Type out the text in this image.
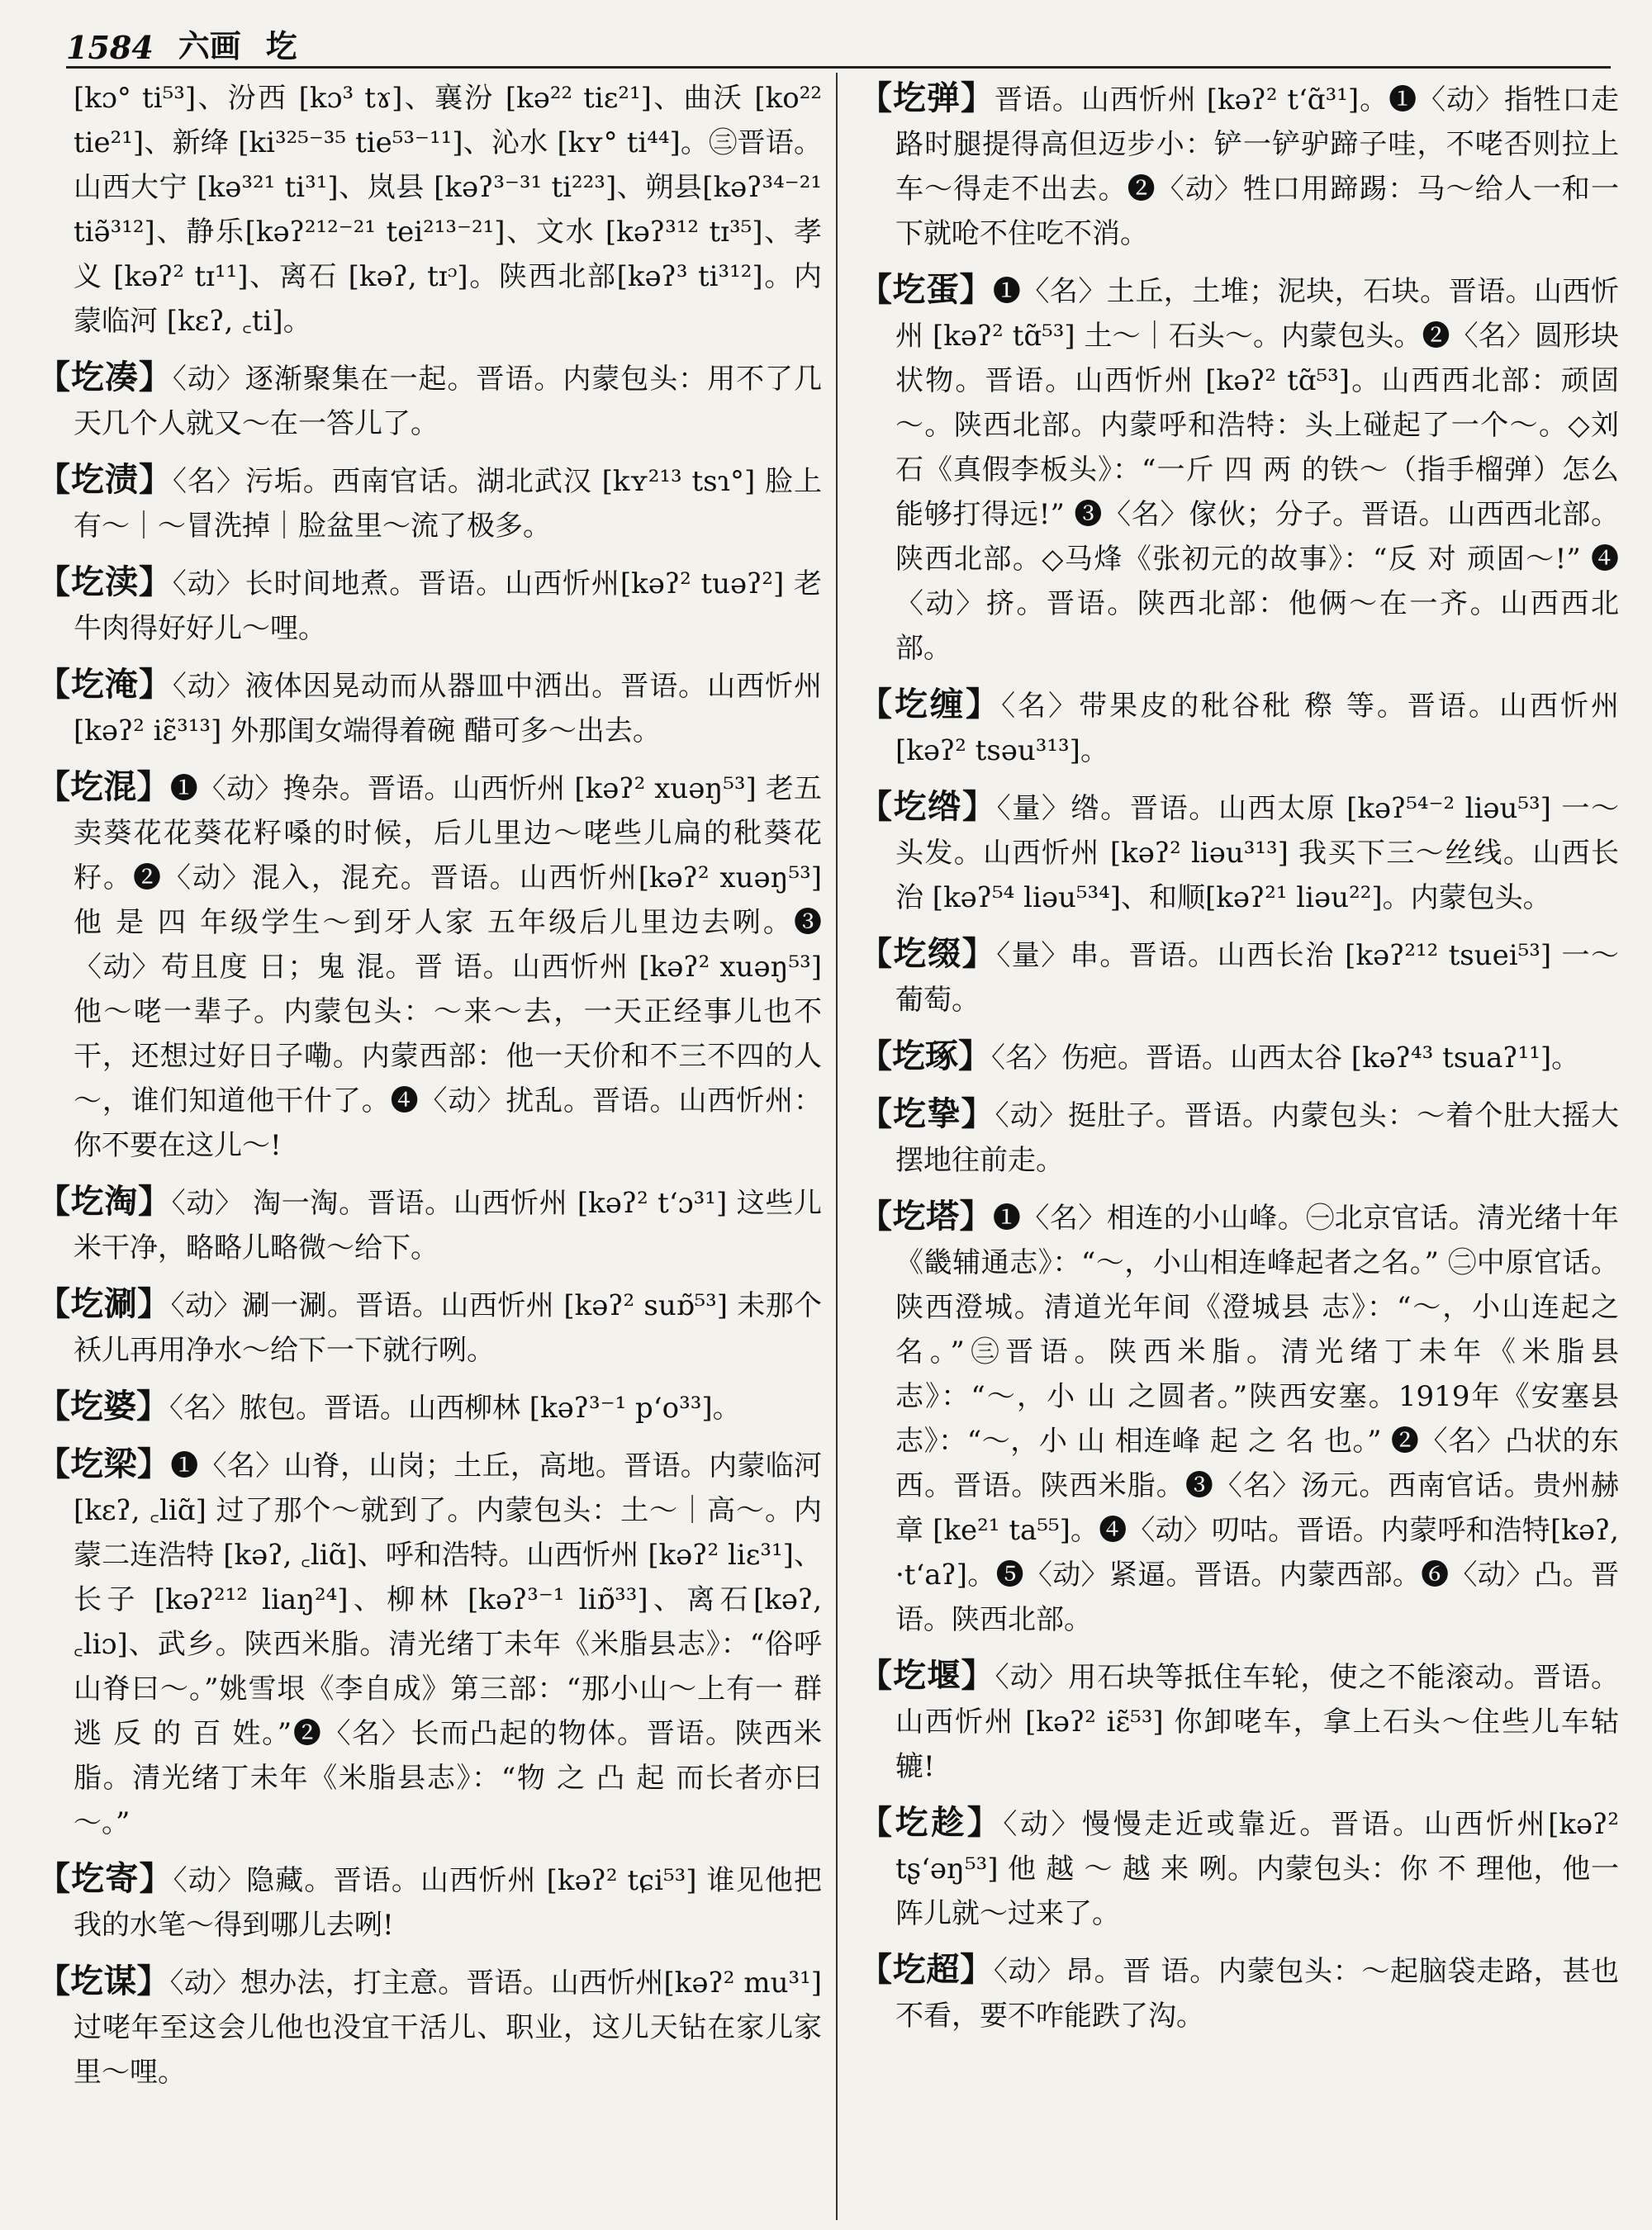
1584 六画 圪

[kɔ° ti⁵³]、汾西 [kɔ³ tɤ]、襄汾 [kə²² tiɛ²¹]、曲沃 [ko²² tie²¹]、新绛 [ki³²⁵⁻³⁵ tie⁵³⁻¹¹]、沁水 [kʏ° ti⁴⁴]。㊂晋语。山西大宁 [kə³²¹ ti³¹]、岚县 [kəʔ³⁻³¹ ti²²³]、朔县[kəʔ³⁴⁻²¹ tiə̃³¹²]、静乐[kəʔ²¹²⁻²¹ tei²¹³⁻²¹]、文水 [kəʔ³¹² tɪ³⁵]、孝义 [kəʔ² tɪ¹¹]、离石 [kəʔ, tɪᵓ]。陕西北部[kəʔ³ ti³¹²]。内蒙临河 [kɛʔ, ꜀ti]。

【圪凑】〈动〉逐渐聚集在一起。晋语。内蒙包头：用不了几天几个人就又～在一答儿了。

【圪渍】〈名〉污垢。西南官话。湖北武汉 [kʏ²¹³ tsɿ°] 脸上有～｜～冒洗掉｜脸盆里～流了极多。

【圪渎】〈动〉长时间地煮。晋语。山西忻州[kəʔ² tuəʔ²] 老牛肉得好好儿～哩。

【圪淹】〈动〉液体因晃动而从器皿中洒出。晋语。山西忻州 [kəʔ² iɛ̃³¹³] 外那闺女端得着碗 醋可多～出去。

【圪混】❶〈动〉搀杂。晋语。山西忻州 [kəʔ² xuəŋ⁵³] 老五卖葵花花葵花籽嗓的时候，后儿里边～咾些儿扁的秕葵花籽。❷〈动〉混入，混充。晋语。山西忻州[kəʔ² xuəŋ⁵³] 他 是 四 年级学生～到牙人家 五年级后儿里边去咧。❸〈动〉苟且度 日；鬼 混。晋 语。山西忻州 [kəʔ² xuəŋ⁵³] 他～咾一辈子。内蒙包头：～来～去，一天正经事儿也不干，还想过好日子嘞。内蒙西部：他一天价和不三不四的人～，谁们知道他干什了。❹〈动〉扰乱。晋语。山西忻州：你不要在这儿～!

【圪淘】〈动〉 淘一淘。晋语。山西忻州 [kəʔ² tʻɔ³¹] 这些儿米干净，略略儿略微～给下。

【圪涮】〈动〉涮一涮。晋语。山西忻州 [kəʔ² suɒ̃⁵³] 未那个袄儿再用净水～给下一下就行咧。

【圪婆】〈名〉脓包。晋语。山西柳林 [kəʔ³⁻¹ pʻo³³]。

【圪梁】❶〈名〉山脊，山岗；土丘，高地。晋语。内蒙临河[kɛʔ, ꜀liɑ̃] 过了那个～就到了。内蒙包头：土～｜高～。内蒙二连浩特 [kəʔ, ꜀liɑ̃]、呼和浩特。山西忻州 [kəʔ² liɛ³¹]、长子 [kəʔ²¹² liaŋ²⁴]、柳林 [kəʔ³⁻¹ liɒ̃³³]、离石[kəʔ, ꜀liɔ]、武乡。陕西米脂。清光绪丁未年《米脂县志》：“俗呼山脊曰～。”姚雪垠《李自成》第三部：“那小山～上有一 群 逃 反 的 百 姓。”❷〈名〉长而凸起的物体。晋语。陕西米脂。清光绪丁未年《米脂县志》：“物 之 凸 起 而长者亦曰～。”

【圪寄】〈动〉隐藏。晋语。山西忻州 [kəʔ² tɕi⁵³] 谁见他把我的水笔～得到哪儿去咧!

【圪谋】〈动〉想办法，打主意。晋语。山西忻州[kəʔ² mu³¹] 过咾年至这会儿他也没宜干活儿、职业，这儿天钻在家儿家里～哩。

【圪弹】晋语。山西忻州 [kəʔ² tʻɑ̃³¹]。❶〈动〉指牲口走路时腿提得高但迈步小：铲一铲驴蹄子哇，不咾否则拉上车～得走不出去。❷〈动〉牲口用蹄踢：马～给人一和一下就呛不住吃不消。

【圪蛋】❶〈名〉土丘，土堆；泥块，石块。晋语。山西忻州 [kəʔ² tɑ̃⁵³] 土～｜石头～。内蒙包头。❷〈名〉圆形块状物。晋语。山西忻州 [kəʔ² tɑ̃⁵³]。山西西北部：顽固～。陕西北部。内蒙呼和浩特：头上碰起了一个～。◇刘石《真假李板头》：“一斤 四 两 的铁～（指手榴弹）怎么能够打得远!” ❸〈名〉傢伙；分子。晋语。山西西北部。陕西北部。◇马烽《张初元的故事》：“反 对 顽固～!” ❹〈动〉挤。晋语。陕西北部：他俩～在一齐。山西西北部。

【圪缠】〈名〉带果皮的秕谷秕 穄 等。晋语。山西忻州 [kəʔ² tsəu³¹³]。

【圪绺】〈量〉绺。晋语。山西太原 [kəʔ⁵⁴⁻² liəu⁵³] 一～头发。山西忻州 [kəʔ² liəu³¹³] 我买下三～丝线。山西长治 [kəʔ⁵⁴ liəu⁵³⁴]、和顺[kəʔ²¹ liəu²²]。内蒙包头。

【圪缀】〈量〉串。晋语。山西长治 [kəʔ²¹² tsuei⁵³] 一～葡萄。

【圪琢】〈名〉伤疤。晋语。山西太谷 [kəʔ⁴³ tsuaʔ¹¹]。

【圪挚】〈动〉挺肚子。晋语。内蒙包头：～着个肚大摇大摆地往前走。

【圪塔】❶〈名〉相连的小山峰。㊀北京官话。清光绪十年《畿辅通志》：“～，小山相连峰起者之名。” ㊁中原官话。陕西澄城。清道光年间《澄城县 志》：“～，小山连起之名。”㊂晋语。陕西米脂。清光绪丁未年《米脂县志》：“～，小 山 之圆者。”陕西安塞。1919年《安塞县志》：“～，小 山 相连峰 起 之 名 也。” ❷〈名〉凸状的东西。晋语。陕西米脂。❸〈名〉汤元。西南官话。贵州赫章 [ke²¹ ta⁵⁵]。❹〈动〉叨咕。晋语。内蒙呼和浩特[kəʔ, ·tʻaʔ]。❺〈动〉紧逼。晋语。内蒙西部。❻〈动〉凸。晋语。陕西北部。

【圪堰】〈动〉用石块等抵住车轮，使之不能滚动。晋语。山西忻州 [kəʔ² iɛ̃⁵³] 你卸咾车，拿上石头～住些儿车轱辘!

【圪趁】〈动〉慢慢走近或靠近。晋语。山西忻州[kəʔ² tʂʻəŋ⁵³] 他 越 ～ 越 来 咧。内蒙包头：你 不 理他，他一阵儿就～过来了。

【圪超】〈动〉昂。晋 语。内蒙包头：～起脑袋走路，甚也不看，要不咋能跌了沟。
